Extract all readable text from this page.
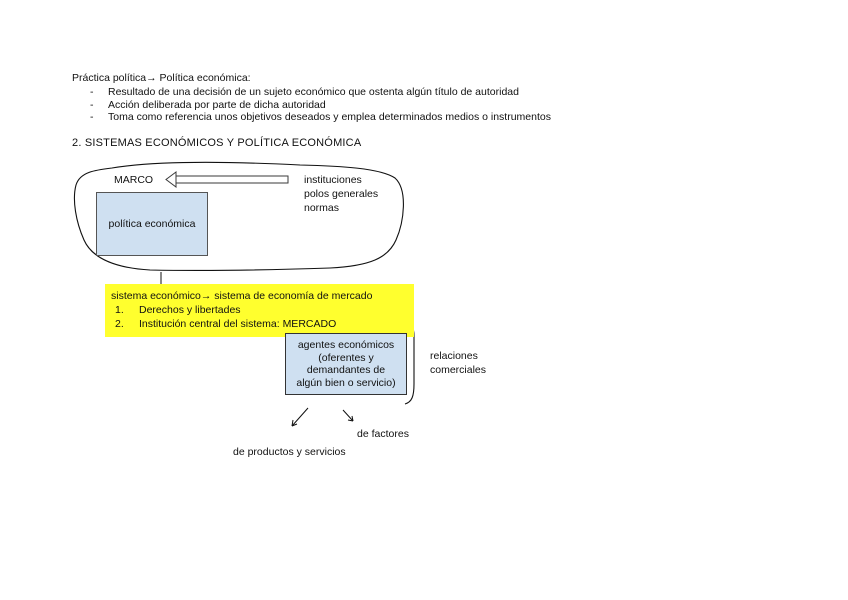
Práctica política→ Política económica:
-	Resultado de una decisión de un sujeto económico que ostenta algún título de autoridad
-	Acción deliberada por parte de dicha autoridad
-	Toma como referencia unos objetivos deseados y emplea determinados medios o instrumentos
2. SISTEMAS ECONÓMICOS Y POLÍTICA ECONÓMICA
MARCO	instituciones
polos generales
normas
política económica
sistema económico→ sistema de economía de mercado
1. Derechos y libertades
2. Institución central del sistema: MERCADO
agentes económicos
(oferentes y
demandantes de
algún bien o servicio)
relaciones
comerciales
de factores
de productos y servicios
